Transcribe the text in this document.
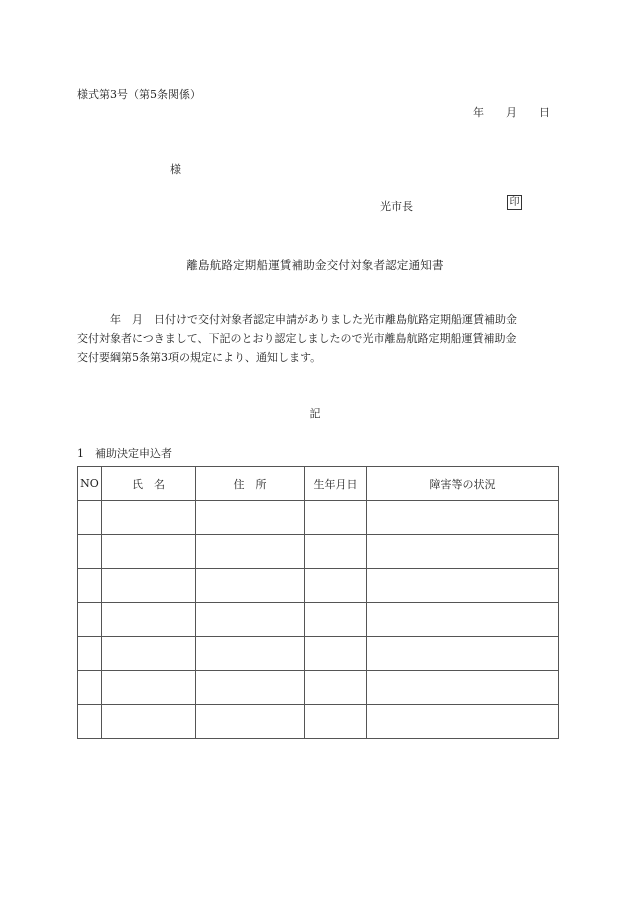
様式第3号（第5条関係）
年 月 日
様
光市長	印
離島航路定期船運賃補助金交付対象者認定通知書
　　　年　月　日付けで交付対象者認定申請がありました光市離島航路定期船運賃補助金
交付対象者につきまして、下記のとおり認定しましたので光市離島航路定期船運賃補助金
交付要綱第5条第3項の規定により、通知します。
記
1　補助決定申込者
NO	氏　名	住　所	生年月日	障害等の状況
